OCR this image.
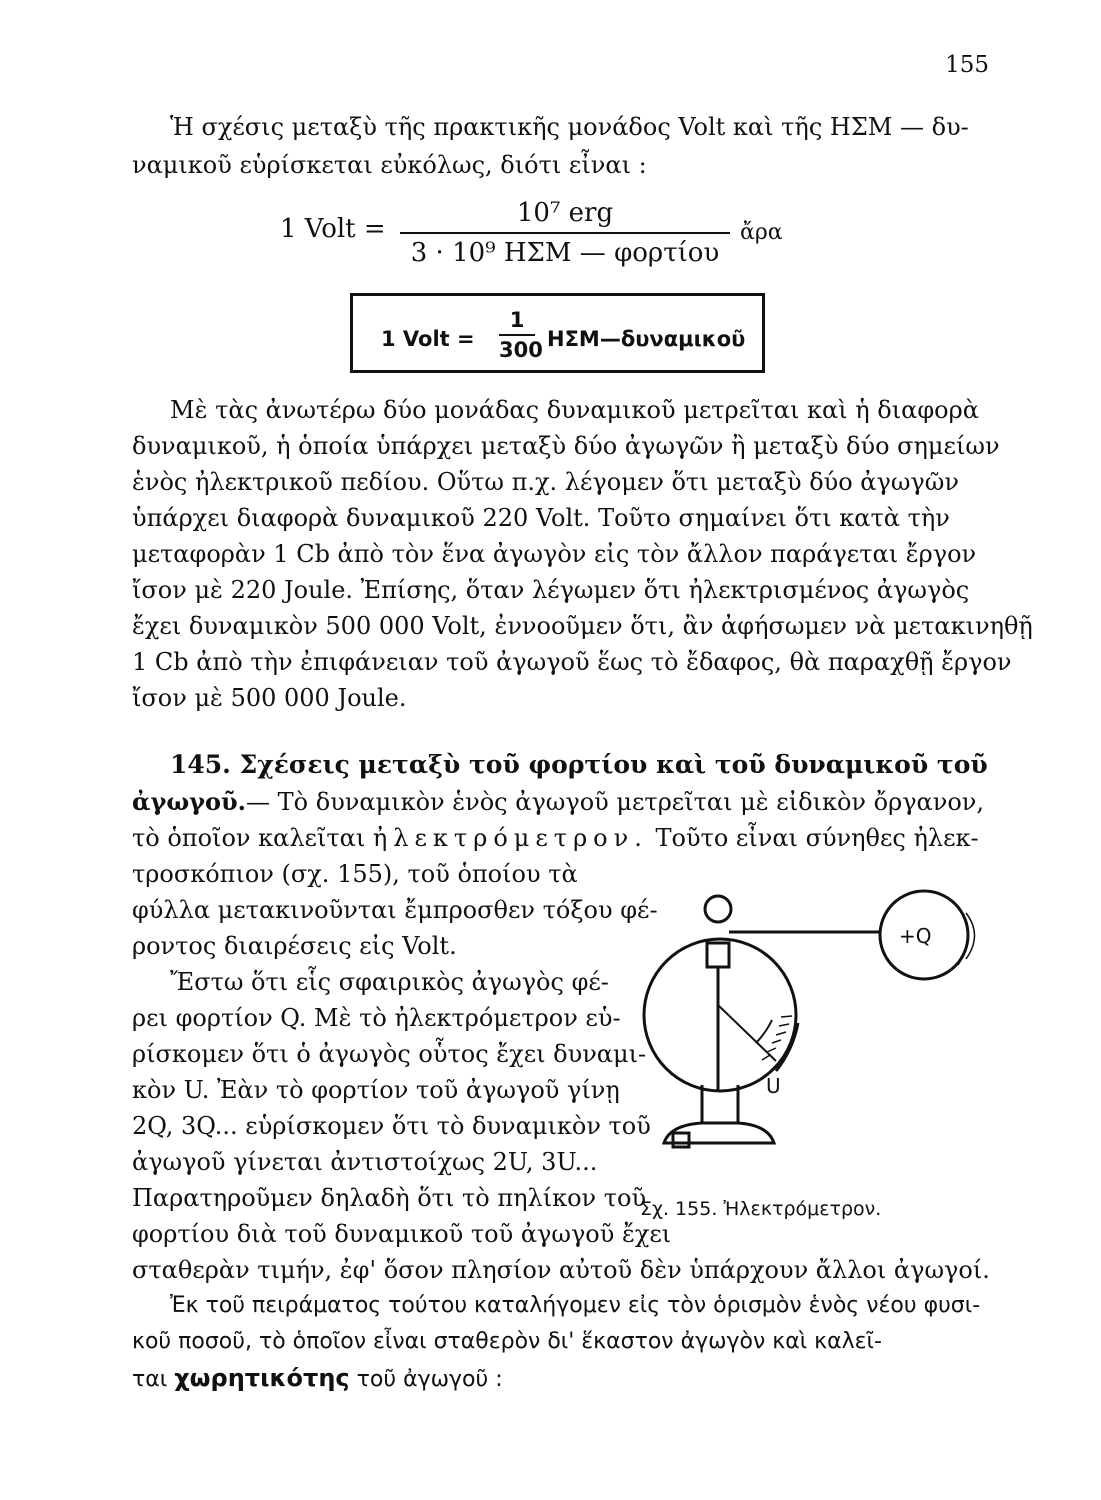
155
Ἡ σχέσις μεταξὺ τῆς πρακτικῆς μονάδος Volt καὶ τῆς ΗΣΜ — δυ-
ναμικοῦ εὑρίσκεται εὐκόλως, διότι εἶναι :
1 Volt =
10⁷ erg
3 · 10⁹ ΗΣΜ — φορτίου
ἄρα
1 Volt =
1
300 ΗΣΜ—δυναμικοῦ
Μὲ τὰς ἀνωτέρω δύο μονάδας δυναμικοῦ μετρεῖται καὶ ἡ διαφορὰ
δυναμικοῦ, ἡ ὁποία ὑπάρχει μεταξὺ δύο ἀγωγῶν ἢ μεταξὺ δύο σημείων
ἑνὸς ἠλεκτρικοῦ πεδίου. Οὕτω π.χ. λέγομεν ὅτι μεταξὺ δύο ἀγωγῶν
ὑπάρχει διαφορὰ δυναμικοῦ 220 Volt. Τοῦτο σημαίνει ὅτι κατὰ τὴν
μεταφορὰν 1 Cb ἀπὸ τὸν ἕνα ἀγωγὸν εἰς τὸν ἄλλον παράγεται ἔργον
ἴσον μὲ 220 Joule. Ἐπίσης, ὅταν λέγωμεν ὅτι ἠλεκτρισμένος ἀγωγὸς
ἔχει δυναμικὸν 500 000 Volt, ἐννοοῦμεν ὅτι, ἂν ἀφήσωμεν νὰ μετακινηθῇ
1 Cb ἀπὸ τὴν ἐπιφάνειαν τοῦ ἀγωγοῦ ἕως τὸ ἔδαφος, θὰ παραχθῇ ἔργον
ἴσον μὲ 500 000 Joule.
145. Σχέσεις μεταξὺ τοῦ φορτίου καὶ τοῦ δυναμικοῦ τοῦ
ἀγωγοῦ.— Τὸ δυναμικὸν ἑνὸς ἀγωγοῦ μετρεῖται μὲ εἰδικὸν ὄργανον,
τὸ ὁποῖον καλεῖται ἠλεκτρόμετρον. Τοῦτο εἶναι σύνηθες ἠλεκ-
τροσκόπιον (σχ. 155), τοῦ ὁποίου τὰ
φύλλα μετακινοῦνται ἔμπροσθεν τόξου φέ-
ροντος διαιρέσεις εἰς Volt.
Ἔστω ὅτι εἷς σφαιρικὸς ἀγωγὸς φέ-
ρει φορτίον Q. Μὲ τὸ ἠλεκτρόμετρον εὑ-
ρίσκομεν ὅτι ὁ ἀγωγὸς οὗτος ἔχει δυναμι-
κὸν U. Ἐὰν τὸ φορτίον τοῦ ἀγωγοῦ γίνῃ
2Q, 3Q... εὑρίσκομεν ὅτι τὸ δυναμικὸν τοῦ
ἀγωγοῦ γίνεται ἀντιστοίχως 2U, 3U...
Παρατηροῦμεν δηλαδὴ ὅτι τὸ πηλίκον τοῦ
φορτίου διὰ τοῦ δυναμικοῦ τοῦ ἀγωγοῦ ἔχει
σταθερὰν τιμήν, ἐφ' ὅσον πλησίον αὐτοῦ δὲν ὑπάρχουν ἄλλοι ἀγωγοί.
Ἐκ τοῦ πειράματος τούτου καταλήγομεν εἰς τὸν ὁρισμὸν ἑνὸς νέου φυσι-
κοῦ ποσοῦ, τὸ ὁποῖον εἶναι σταθερὸν δι' ἕκαστον ἀγωγὸν καὶ καλεῖ-
ται χωρητικότης τοῦ ἀγωγοῦ :
+Q
U
Σχ. 155. Ἠλεκτρόμετρον.
